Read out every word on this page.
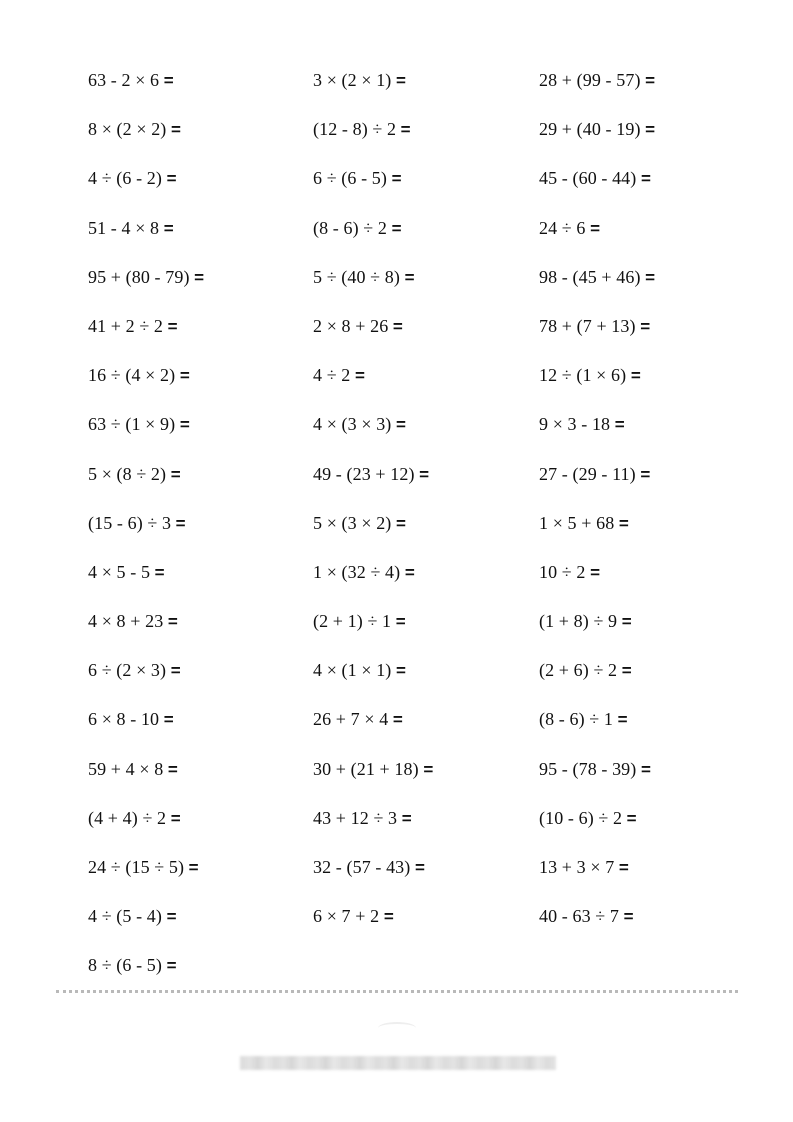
63 - 2 × 6 =
8 × (2 × 2) =
4 ÷ (6 - 2) =
51 - 4 × 8 =
95 + (80 - 79) =
41 + 2 ÷ 2 =
16 ÷ (4 × 2) =
63 ÷ (1 × 9) =
5 × (8 ÷ 2) =
(15 - 6) ÷ 3 =
4 × 5 - 5 =
4 × 8 + 23 =
6 ÷ (2 × 3) =
6 × 8 - 10 =
59 + 4 × 8 =
(4 + 4) ÷ 2 =
24 ÷ (15 ÷ 5) =
4 ÷ (5 - 4) =
8 ÷ (6 - 5) =
3 × (2 × 1) =
(12 - 8) ÷ 2 =
6 ÷ (6 - 5) =
(8 - 6) ÷ 2 =
5 ÷ (40 ÷ 8) =
2 × 8 + 26 =
4 ÷ 2 =
4 × (3 × 3) =
49 - (23 + 12) =
5 × (3 × 2) =
1 × (32 ÷ 4) =
(2 + 1) ÷ 1 =
4 × (1 × 1) =
26 + 7 × 4 =
30 + (21 + 18) =
43 + 12 ÷ 3 =
32 - (57 - 43) =
6 × 7 + 2 =
28 + (99 - 57) =
29 + (40 - 19) =
45 - (60 - 44) =
24 ÷ 6 =
98 - (45 + 46) =
78 + (7 + 13) =
12 ÷ (1 × 6) =
9 × 3 - 18 =
27 - (29 - 11) =
1 × 5 + 68 =
10 ÷ 2 =
(1 + 8) ÷ 9 =
(2 + 6) ÷ 2 =
(8 - 6) ÷ 1 =
95 - (78 - 39) =
(10 - 6) ÷ 2 =
13 + 3 × 7 =
40 - 63 ÷ 7 =
